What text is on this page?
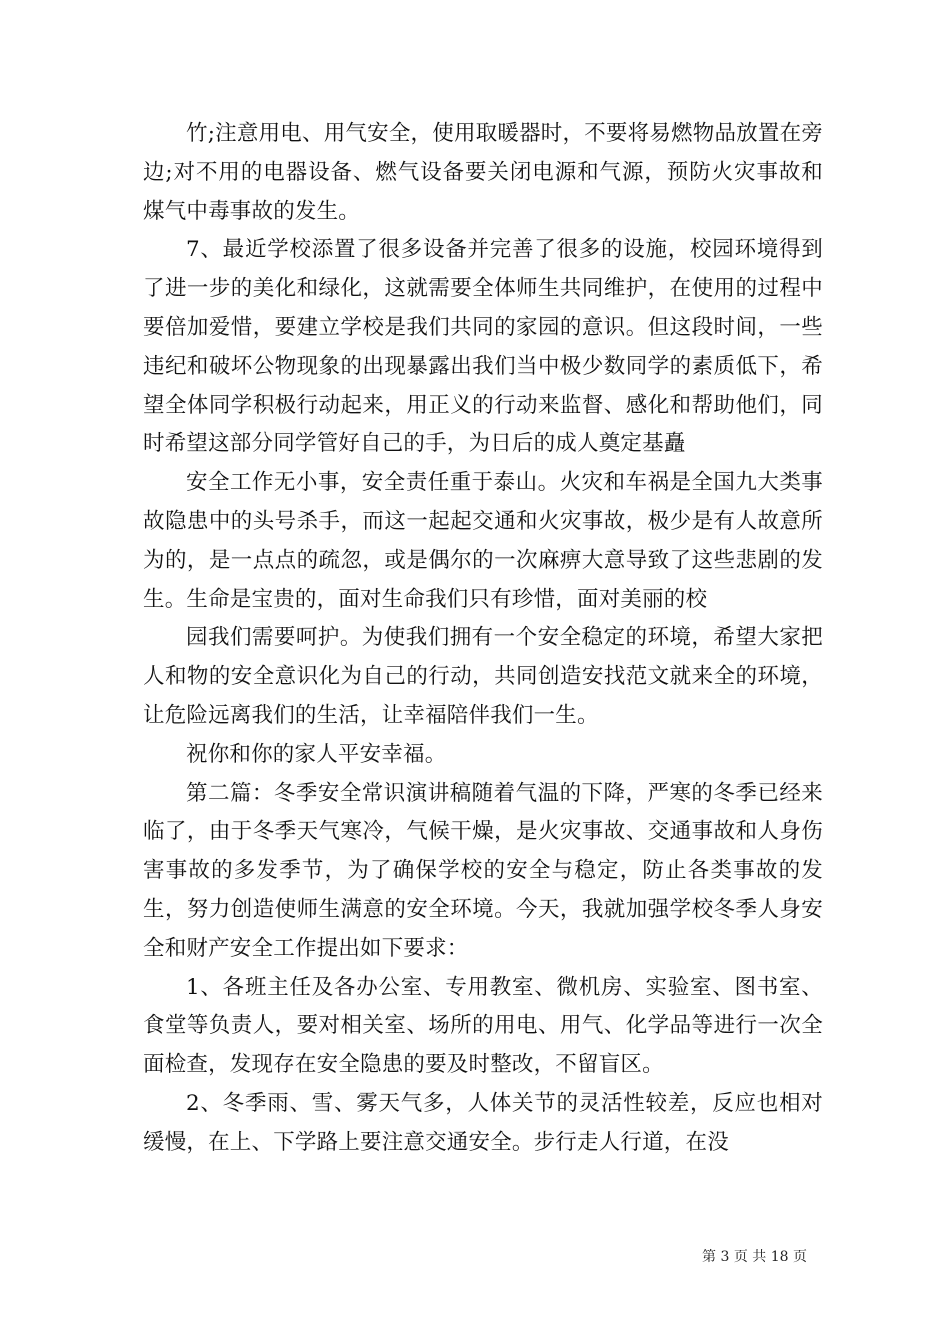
竹;注意用电、用气安全，使用取暖器时，不要将易燃物品放置在旁边;对不用的电器设备、燃气设备要关闭电源和气源，预防火灾事故和煤气中毒事故的发生。

7、最近学校添置了很多设备并完善了很多的设施，校园环境得到了进一步的美化和绿化，这就需要全体师生共同维护，在使用的过程中要倍加爱惜，要建立学校是我们共同的家园的意识。但这段时间，一些违纪和破坏公物现象的出现暴露出我们当中极少数同学的素质低下，希望全体同学积极行动起来，用正义的行动来监督、感化和帮助他们，同时希望这部分同学管好自己的手，为日后的成人奠定基矗

安全工作无小事，安全责任重于泰山。火灾和车祸是全国九大类事故隐患中的头号杀手，而这一起起交通和火灾事故，极少是有人故意所为的，是一点点的疏忽，或是偶尔的一次麻痹大意导致了这些悲剧的发生。生命是宝贵的，面对生命我们只有珍惜，面对美丽的校

园我们需要呵护。为使我们拥有一个安全稳定的环境，希望大家把人和物的安全意识化为自己的行动，共同创造安找范文就来全的环境，让危险远离我们的生活，让幸福陪伴我们一生。

祝你和你的家人平安幸福。

第二篇：冬季安全常识演讲稿随着气温的下降，严寒的冬季已经来临了，由于冬季天气寒冷，气候干燥，是火灾事故、交通事故和人身伤害事故的多发季节，为了确保学校的安全与稳定，防止各类事故的发生，努力创造使师生满意的安全环境。今天，我就加强学校冬季人身安全和财产安全工作提出如下要求：

1、各班主任及各办公室、专用教室、微机房、实验室、图书室、食堂等负责人，要对相关室、场所的用电、用气、化学品等进行一次全面检查，发现存在安全隐患的要及时整改，不留盲区。

2、冬季雨、雪、雾天气多，人体关节的灵活性较差，反应也相对缓慢，在上、下学路上要注意交通安全。步行走人行道，在没

第 3 页 共 18 页
